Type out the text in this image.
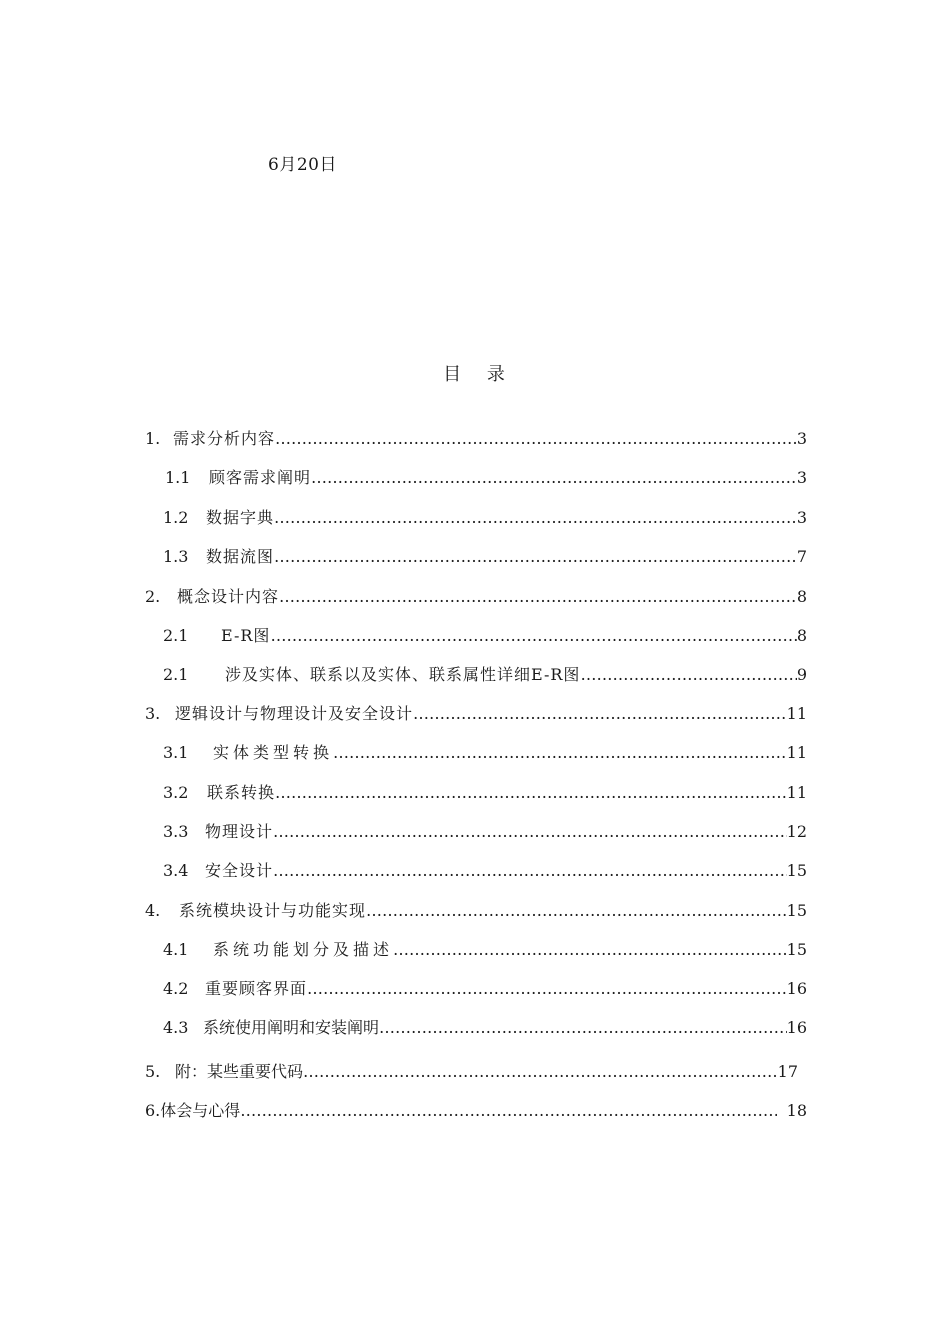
6月20日
目 录
1. 需求分析内容 …………………………………………………………………………………………………………………………………………………………………………………………………………………………………………	3
1.1	顾客需求阐明 …………………………………………………………………………………………………………………………………………………………………………………………………………………………………………	3
1.2	数据字典 …………………………………………………………………………………………………………………………………………………………………………………………………………………………………………	3
1.3	数据流图 …………………………………………………………………………………………………………………………………………………………………………………………………………………………………………	7
2.	概念设计内容 …………………………………………………………………………………………………………………………………………………………………………………………………………………………………………	8
2.1	E-R图 …………………………………………………………………………………………………………………………………………………………………………………………………………………………………………	8
2.1	涉及实体、联系以及实体、联系属性详细E-R图 …………………………………………………………………………………………………………………………………………………………………………………………………………………………………………	9
3. 逻辑设计与物理设计及安全设计 …………………………………………………………………………………………………………………………………………………………………………………………………………………………………………	11
3.1	实体类型转换 …………………………………………………………………………………………………………………………………………………………………………………………………………………………………………	11
3.2	联系转换 …………………………………………………………………………………………………………………………………………………………………………………………………………………………………………	11
3.3	物理设计 …………………………………………………………………………………………………………………………………………………………………………………………………………………………………………	12
3.4	安全设计 …………………………………………………………………………………………………………………………………………………………………………………………………………………………………………	15
4.	系统模块设计与功能实现 …………………………………………………………………………………………………………………………………………………………………………………………………………………………………………	15
4.1	系统功能划分及描述 …………………………………………………………………………………………………………………………………………………………………………………………………………………………………………	15
4.2	重要顾客界面 …………………………………………………………………………………………………………………………………………………………………………………………………………………………………………	16
4.3 系统使用阐明和安装阐明 …………………………………………………………………………………………………………………………………………………………………………………………………………………………………………	16
5. 附：某些重要代码 …………………………………………………………………………………………………………………………………………………………………………………………………………………………………………	17
6. 体会与心得 …………………………………………………………………………………………………………………………………………………………………………………………………………………………………………	18
